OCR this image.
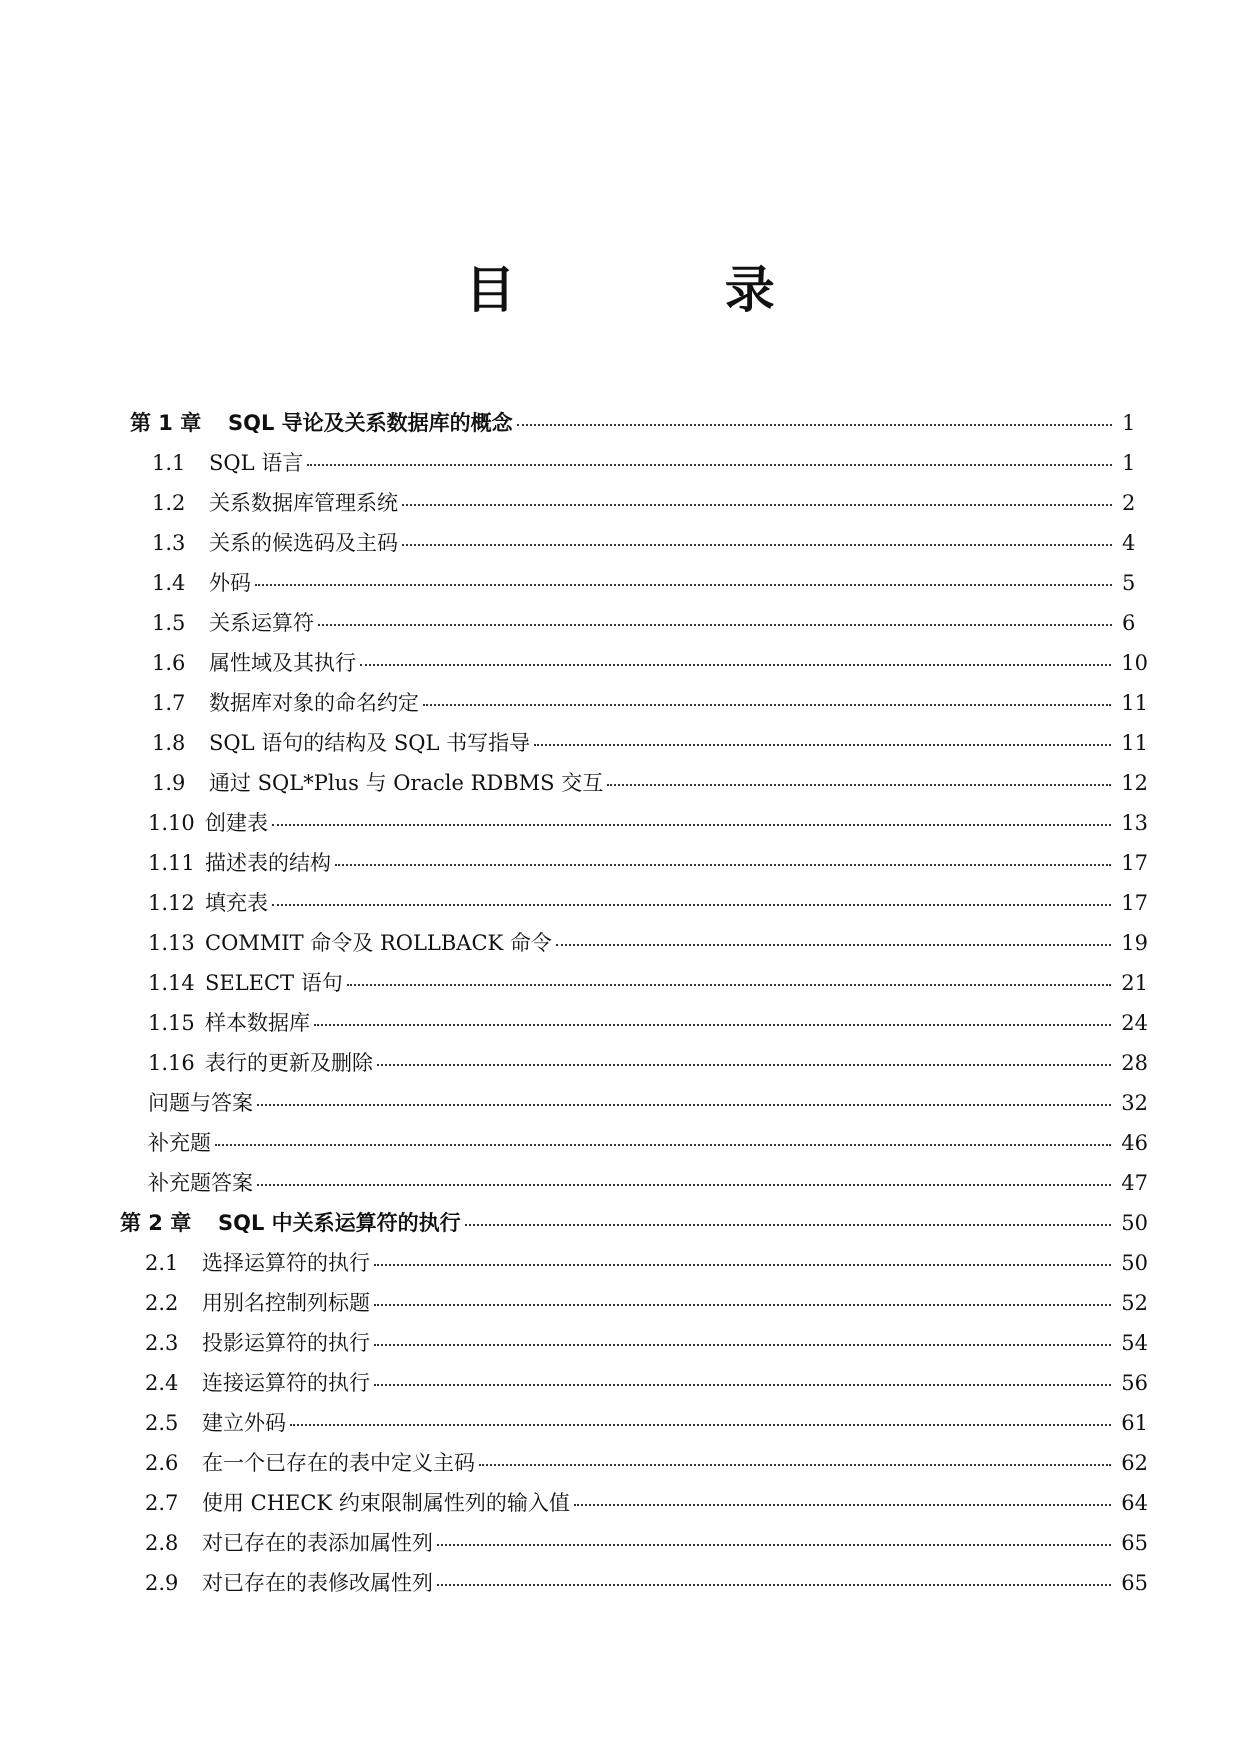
目 录
第 1 章	SQL 导论及关系数据库的概念	1
1.1	SQL 语言	1
1.2	关系数据库管理系统	2
1.3	关系的候选码及主码	4
1.4	外码	5
1.5	关系运算符	6
1.6	属性域及其执行	10
1.7	数据库对象的命名约定	11
1.8	SQL 语句的结构及 SQL 书写指导	11
1.9	通过 SQL*Plus 与 Oracle RDBMS 交互	12
1.10 创建表	13
1.11 描述表的结构	17
1.12 填充表	17
1.13 COMMIT 命令及 ROLLBACK 命令	19
1.14 SELECT 语句	21
1.15 样本数据库	24
1.16 表行的更新及删除	28
问题与答案	32
补充题	46
补充题答案	47
第 2 章	SQL 中关系运算符的执行	50
2.1	选择运算符的执行	50
2.2	用别名控制列标题	52
2.3	投影运算符的执行	54
2.4	连接运算符的执行	56
2.5	建立外码	61
2.6	在一个已存在的表中定义主码	62
2.7	使用 CHECK 约束限制属性列的输入值	64
2.8	对已存在的表添加属性列	65
2.9	对已存在的表修改属性列	65
